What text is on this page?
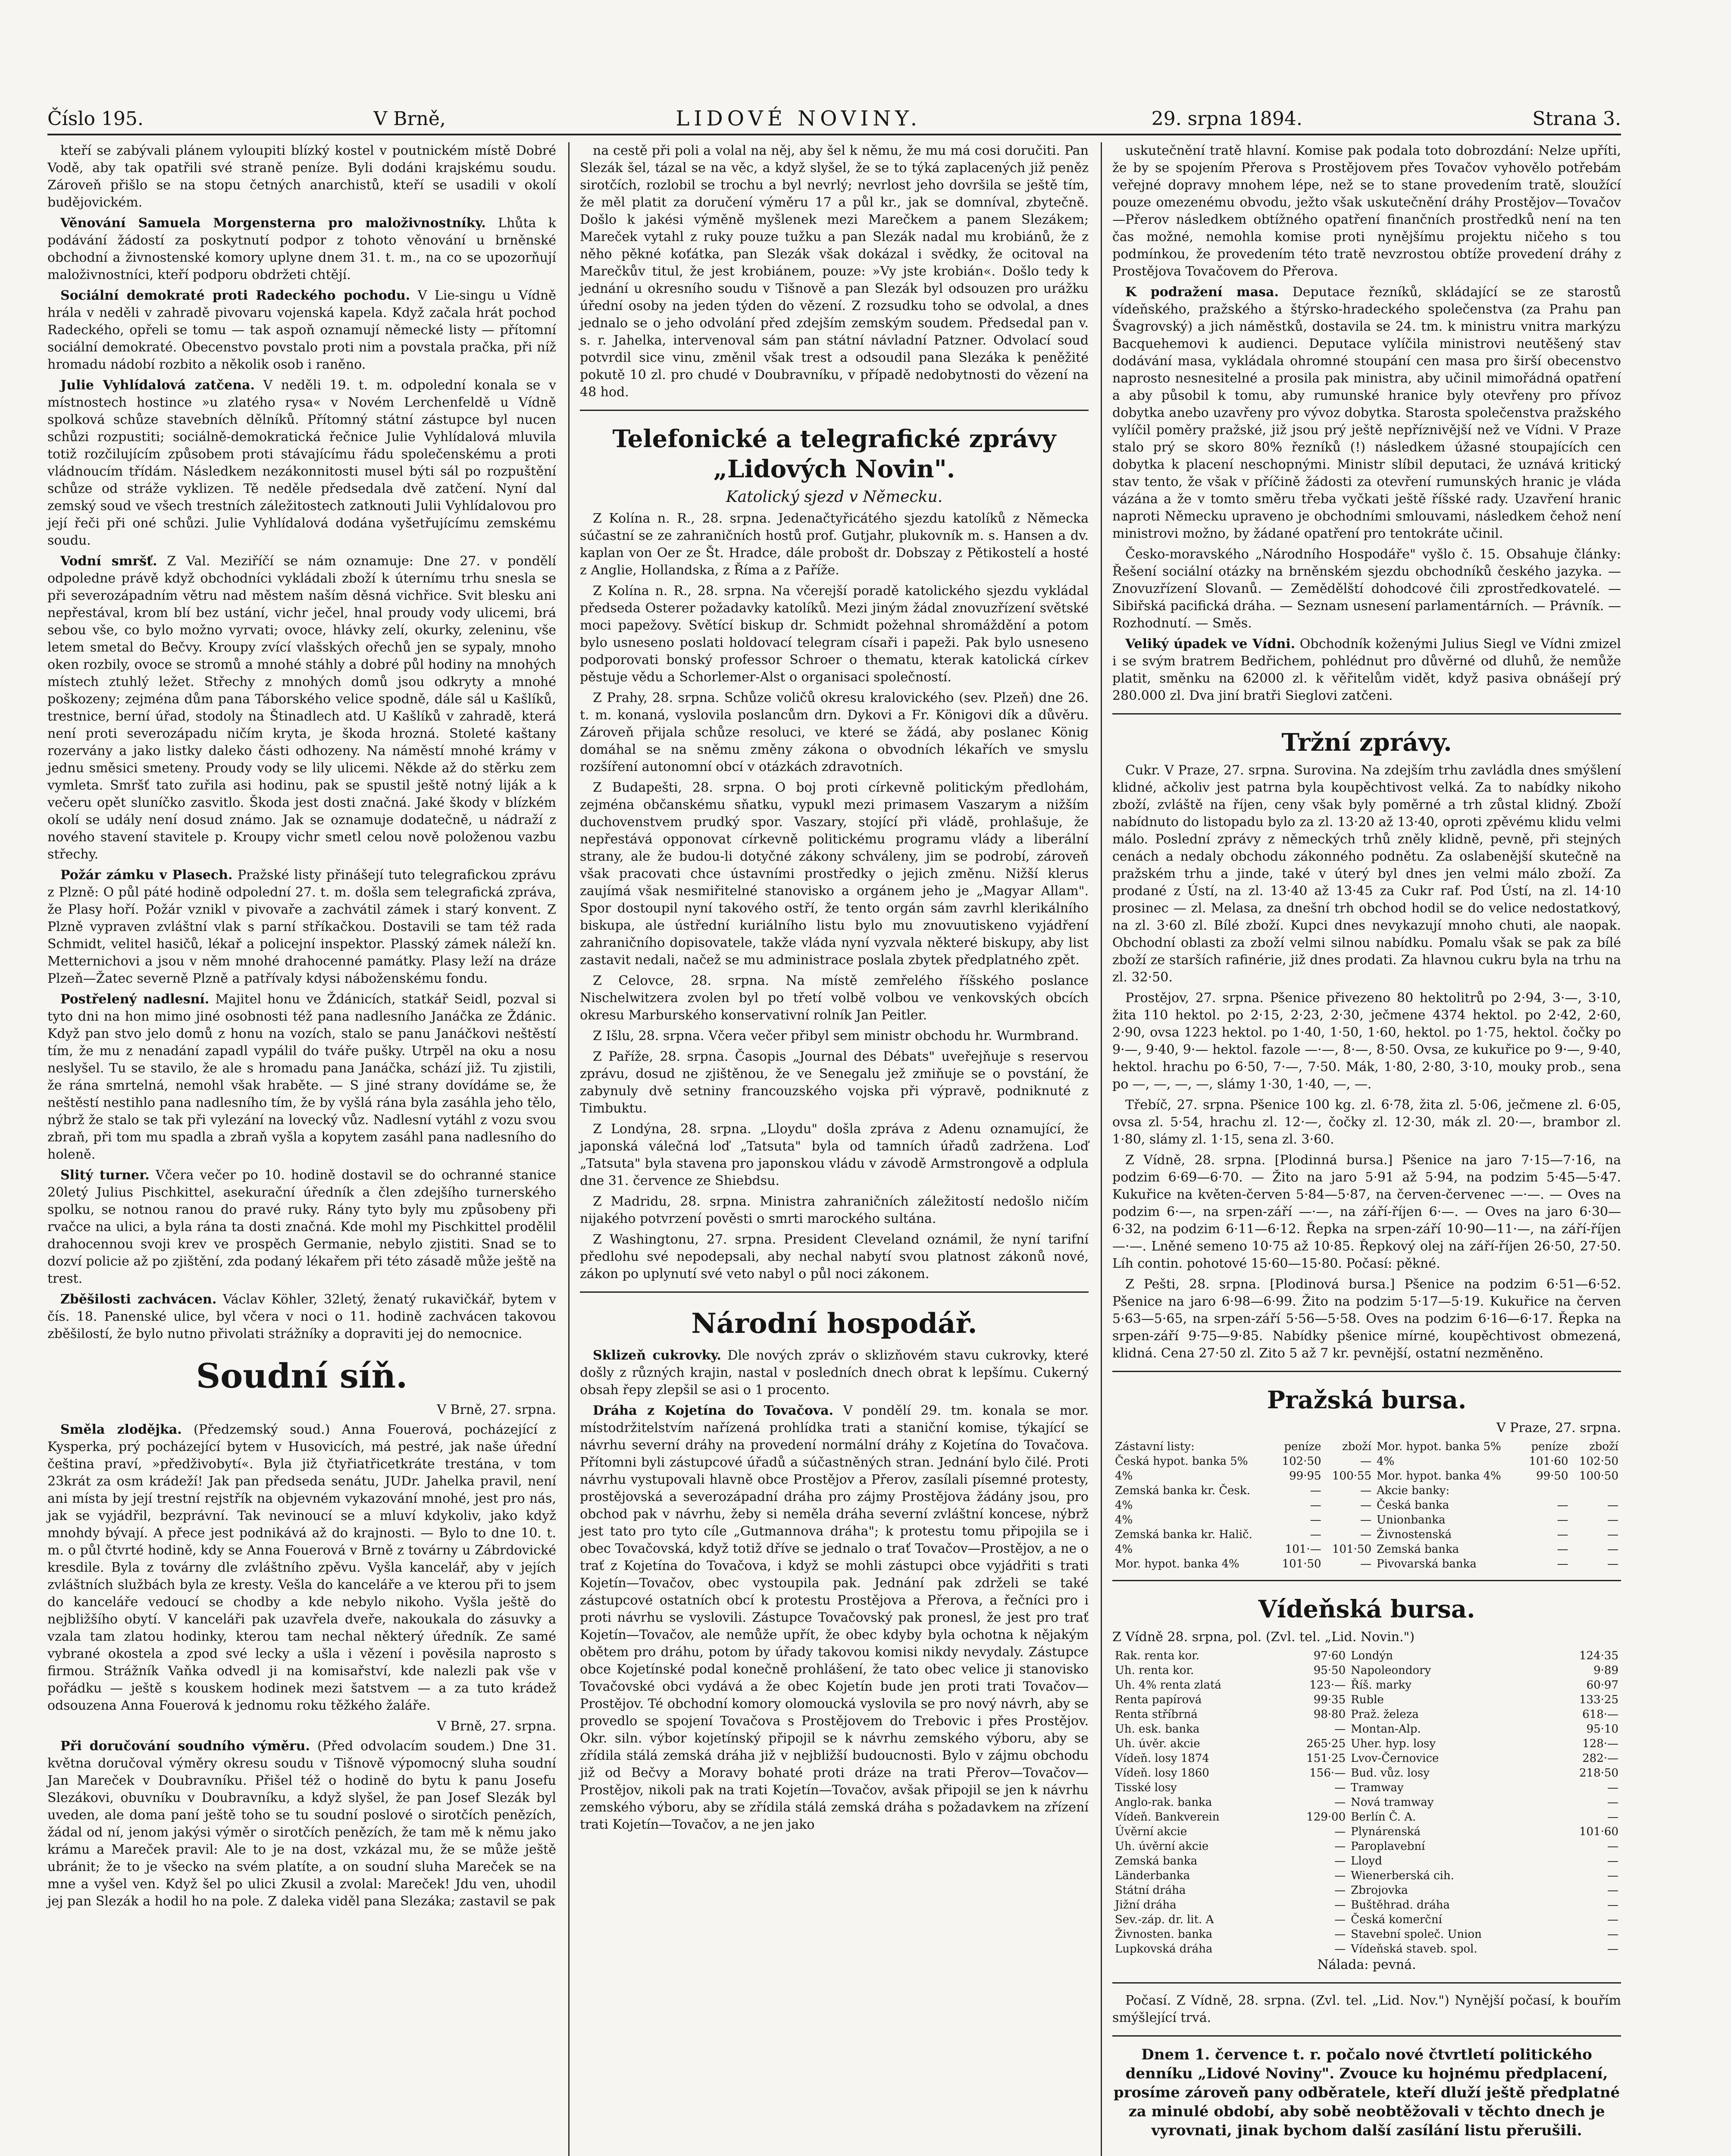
Číslo 195.	V Brně,	LIDOVÉ NOVINY.	29. srpna 1894.	Strana 3.

kteří se zabývali plánem vyloupiti blízký kostel v poutnickém místě Dobré Vodě, aby tak opatřili své straně peníze. Byli dodáni krajskému soudu. Zároveň přišlo se na stopu četných anarchistů, kteří se usadili v okolí budějovickém.

Věnování Samuela Morgensterna pro maloživnostníky. Lhůta k podávání žádostí za poskytnutí podpor z tohoto věnování u brněnské obchodní a živnostenské komory uplyne dnem 31. t. m., na co se upozorňují maloživnostníci, kteří podporu obdržeti chtějí.

Sociální demokraté proti Radeckého pochodu. V Lie-singu u Vídně hrála v neděli v zahradě pivovaru vojenská kapela. Když začala hrát pochod Radeckého, opřeli se tomu — tak aspoň oznamují německé listy — přítomní sociální demokraté. Obecenstvo povstalo proti nim a povstala pračka, při níž hromadu nádobí rozbito a několik osob i raněno.

Julie Vyhlídalová zatčena. V neděli 19. t. m. odpolední konala se v místnostech hostince »u zlatého rysa« v Novém Lerchenfeldě u Vídně spolková schůze stavebních dělníků. Přítomný státní zástupce byl nucen schůzi rozpustiti; sociálně-demokratická řečnice Julie Vyhlídalová mluvila totiž rozčilujícím způsobem proti stávajícímu řádu společenskému a proti vládnoucím třídám. Následkem nezákonnitosti musel býti sál po rozpuštění schůze od stráže vyklizen. Tě neděle předsedala dvě zatčení. Nyní dal zemský soud ve všech trestních záležitostech zatknouti Julii Vyhlídalovou pro její řeči při oné schůzi. Julie Vyhlídalová dodána vyšetřujícímu zemskému soudu.

Vodní smršť. Z Val. Meziříčí se nám oznamuje: Dne 27. v pondělí odpoledne právě když obchodníci vykládali zboží k úternímu trhu snesla se při severozápadním větru nad městem naším děsná vichřice. Svit blesku ani nepřestával, krom blí bez ustání, vichr ječel, hnal proudy vody ulicemi, brá sebou vše, co bylo možno vyrvati; ovoce, hlávky zelí, okurky, zeleninu, vše letem smetal do Bečvy. Kroupy zvící vlašských ořechů jen se sypaly, mnoho oken rozbily, ovoce se stromů a mnohé stáhly a dobré půl hodiny na mnohých místech ztuhlý ležet. Střechy z mnohých domů jsou odkryty a mnohé poškozeny; zejména dům pana Táborského velice spodně, dále sál u Kašlíků, trestnice, berní úřad, stodoly na Štinadlech atd. U Kašlíků v zahradě, která není proti severozápadu ničím kryta, je škoda hrozná. Stoleté kaštany rozervány a jako listky daleko části odhozeny. Na náměstí mnohé krámy v jednu směsici smeteny. Proudy vody se lily ulicemi. Někde až do stěrku zem vymleta. Smršť tato zuřila asi hodinu, pak se spustil ještě notný liják a k večeru opět sluníčko zasvitlo. Škoda jest dosti značná. Jaké škody v blízkém okolí se udály není dosud známo. Jak se oznamuje dodatečně, u nádraží z nového stavení stavitele p. Kroupy vichr smetl celou nově položenou vazbu střechy.

Požár zámku v Plasech. Pražské listy přinášejí tuto telegrafickou zprávu z Plzně: O půl páté hodině odpolední 27. t. m. došla sem telegrafická zpráva, že Plasy hoří. Požár vznikl v pivovaře a zachvátil zámek i starý konvent. Z Plzně vypraven zvláštní vlak s parní stříkačkou. Dostavili se tam též rada Schmidt, velitel hasičů, lékař a policejní inspektor. Plasský zámek náleží kn. Metternichovi a jsou v něm mnohé drahocenné památky. Plasy leží na dráze Plzeň—Žatec severně Plzně a patřívaly kdysi náboženskému fondu.

Postřelený nadlesní. Majitel honu ve Ždánicích, statkář Seidl, pozval si tyto dni na hon mimo jiné osobnosti též pana nadlesního Janáčka ze Ždánic. Když pan stvo jelo domů z honu na vozích, stalo se panu Janáčkovi neštěstí tím, že mu z nenadání zapadl vypálil do tváře pušky. Utrpěl na oku a nosu neslyšel. Tu se stavilo, že ale s hromadu pana Janáčka, schází již. Tu zjistili, že rána smrtelná, nemohl však hraběte. — S jiné strany dovídáme se, že neštěstí nestihlo pana nadlesního tím, že by vyšlá rána byla zasáhla jeho tělo, nýbrž že stalo se tak při vylezání na lovecký vůz. Nadlesní vytáhl z vozu svou zbraň, při tom mu spadla a zbraň vyšla a kopytem zasáhl pana nadlesního do holeně.

Slitý turner. Včera večer po 10. hodině dostavil se do ochranné stanice 20letý Julius Pischkittel, asekurační úředník a člen zdejšího turnerského spolku, se notnou ranou do pravé ruky. Rány tyto byly mu způsobeny při rvačce na ulici, a byla rána ta dosti značná. Kde mohl my Pischkittel prodělil drahocennou svoji krev ve prospěch Germanie, nebylo zjistiti. Snad se to dozví policie až po zjištění, zda podaný lékařem při této zásadě může ještě na trest.

Zběšilosti zachvácen. Václav Köhler, 32letý, ženatý rukavičkář, bytem v čís. 18. Panenské ulice, byl včera v noci o 11. hodině zachvácen takovou zběšilostí, že bylo nutno přivolati strážníky a dopraviti jej do nemocnice.

Soudní síň.
V Brně, 27. srpna.

Směla zlodějka. (Předzemský soud.) Anna Fouerová, pocházející z Kysperka, prý pocházející bytem v Husovicích, má pestré, jak naše úřední čeština praví, »předživobytí«. Byla již čtyřiatřicetkráte trestána, v tom 23krát za osm krádeží! Jak pan předseda senátu, JUDr. Jahelka pravil, není ani místa by její trestní rejstřík na objevném vykazování mnohé, jest pro nás, jak se vyjádřil, bezprávní. Tak nevinoucí se a mluví kdykoliv, jako když mnohdy bývají. A přece jest podnikává až do krajnosti. — Bylo to dne 10. t. m. o půl čtvrté hodině, kdy se Anna Fouerová v Brně z továrny u Zábrdovické kresdile. Byla z továrny dle zvláštního zpěvu. Vyšla kancelář, aby v jejích zvláštních službách byla ze kresty. Vešla do kanceláře a ve kterou při to jsem do kanceláře vedoucí se chodby a kde nebylo nikoho. Vyšla ještě do nejbližšího obytí. V kanceláři pak uzavřela dveře, nakoukala do zásuvky a vzala tam zlatou hodinky, kterou tam nechal některý úředník. Ze samé vybrané okostela a zpod své lecky a ušla i vězení i pověsila naprosto s firmou. Strážník Vaňka odvedl ji na komisařství, kde nalezli pak vše v pořádku — ještě s kouskem hodinek mezi šatstvem — a za tuto krádež odsouzena Anna Fouerová k jednomu roku těžkého žaláře.

V Brně, 27. srpna.

Při doručování soudního výměru. (Před odvolacím soudem.) Dne 31. května doručoval výměry okresu soudu v Tišnově výpomocný sluha soudní Jan Mareček v Doubravníku. Přišel též o hodině do bytu k panu Josefu Slezákovi, obuvníku v Doubravníku, a když slyšel, že pan Josef Slezák byl uveden, ale doma paní ještě toho se tu soudní poslové o sirotčích penězích, žádal od ní, jenom jakýsi výměr o sirotčích penězích, že tam mě k němu jako krámu a Mareček pravil: Ale to je na dost, vzkázal mu, že se může ještě ubránit; že to je všecko na svém platíte, a on soudní sluha Mareček se na mne a vyšel ven. Když šel po ulici Zkusil a zvolal: Mareček! Jdu ven, uhodil jej pan Slezák a hodil ho na pole. Z daleka viděl pana Slezáka; zastavil se pak

na cestě při poli a volal na něj, aby šel k němu, že mu má cosi doručiti. Pan Slezák šel, tázal se na věc, a když slyšel, že se to týká zaplacených již peněz sirotčích, rozlobil se trochu a byl nevrlý; nevrlost jeho dovršila se ještě tím, že měl platit za doručení výměru 17 a půl kr., jak se domníval, zbytečně. Došlo k jakési výměně myšlenek mezi Marečkem a panem Slezákem; Mareček vytahl z ruky pouze tužku a pan Slezák nadal mu krobiánů, že z něho pěkné koťátka, pan Slezák však dokázal i svědky, že ocitoval na Marečkův titul, že jest krobiánem, pouze: »Vy jste krobián«. Došlo tedy k jednání u okresního soudu v Tišnově a pan Slezák byl odsouzen pro urážku úřední osoby na jeden týden do vězení. Z rozsudku toho se odvolal, a dnes jednalo se o jeho odvolání před zdejším zemským soudem. Předsedal pan v. s. r. Jahelka, intervenoval sám pan státní návladní Patzner. Odvolací soud potvrdil sice vinu, změnil však trest a odsoudil pana Slezáka k peněžité pokutě 10 zl. pro chudé v Doubravníku, v případě nedobytnosti do vězení na 48 hod.

Telefonické a telegrafické zprávy „Lidových Novin".
Katolický sjezd v Německu.

Z Kolína n. R., 28. srpna. Jedenačtyřicátého sjezdu katolíků z Německa súčastní se ze zahraničních hostů prof. Gutjahr, plukovník m. s. Hansen a dv. kaplan von Oer ze Št. Hradce, dále probošt dr. Dobszay z Pětikostelí a hosté z Anglie, Hollandska, z Říma a z Paříže.

Z Kolína n. R., 28. srpna. Na včerejší poradě katolického sjezdu vykládal předseda Osterer požadavky katolíků. Mezi jiným žádal znovuzřízení světské moci papežovy. Světící biskup dr. Schmidt požehnal shromáždění a potom bylo usneseno poslati holdovací telegram císaři i papeži. Pak bylo usneseno podporovati bonský professor Schroer o thematu, kterak katolická církev pěstuje vědu a Schorlemer-Alst o organisaci společností.

Z Prahy, 28. srpna. Schůze voličů okresu kralovického (sev. Plzeň) dne 26. t. m. konaná, vyslovila poslancům drn. Dykovi a Fr. Königovi dík a důvěru. Zároveň přijala schůze resoluci, ve které se žádá, aby poslanec König domáhal se na sněmu změny zákona o obvodních lékařích ve smyslu rozšíření autonomní obcí v otázkách zdravotních.

Z Budapešti, 28. srpna. O boj proti církevně politickým předlohám, zejména občanskému sňatku, vypukl mezi primasem Vaszarym a nižším duchovenstvem prudký spor. Vaszary, stojící při vládě, prohlašuje, že nepřestává opponovat církevně politickému programu vlády a liberální strany, ale že budou-li dotyčné zákony schváleny, jim se podrobí, zároveň však pracovati chce ústavními prostředky o jejich změnu. Nižší klerus zaujímá však nesmiřitelné stanovisko a orgánem jeho je „Magyar Allam". Spor dostoupil nyní takového ostří, že tento orgán sám zavrhl klerikálního biskupa, ale ústřední kuriálního listu bylo mu znovuutiskeno vyjádření zahraničního dopisovatele, takže vláda nyní vyzvala některé biskupy, aby list zastavit nedali, načež se mu administrace poslala zbytek předplatného zpět.

Z Celovce, 28. srpna. Na místě zemřelého říšského poslance Nischelwitzera zvolen byl po třetí volbě volbou ve venkovských obcích okresu Marburského konservativní rolník Jan Peitler.

Z Išlu, 28. srpna. Včera večer přibyl sem ministr obchodu hr. Wurmbrand.

Z Paříže, 28. srpna. Časopis „Journal des Débats" uveřejňuje s reservou zprávu, dosud ne zjištěnou, že ve Senegalu jež zmiňuje se o povstání, že zabynuly dvě setniny francouzského vojska při výpravě, podniknuté z Timbuktu.

Z Londýna, 28. srpna. „Lloydu" došla zpráva z Adenu oznamující, že japonská válečná loď „Tatsuta" byla od tamních úřadů zadržena. Loď „Tatsuta" byla stavena pro japonskou vládu v závodě Armstrongově a odplula dne 31. července ze Shiebdsu.

Z Madridu, 28. srpna. Ministra zahraničních záležitostí nedošlo ničím nijakého potvrzení pověsti o smrti marockého sultána.

Z Washingtonu, 27. srpna. President Cleveland oznámil, že nyní tarifní předlohu své nepodepsali, aby nechal nabytí svou platnost zákonů nové, zákon po uplynutí své veto nabyl o půl noci zákonem.

Národní hospodář.

Sklizeň cukrovky. Dle nových zpráv o sklizňovém stavu cukrovky, které došly z různých krajin, nastal v posledních dnech obrat k lepšímu. Cukerný obsah řepy zlepšil se asi o 1 procento.

Dráha z Kojetína do Tovačova. V pondělí 29. tm. konala se mor. místodržitelstvím nařízená prohlídka trati a staniční komise, týkající se návrhu severní dráhy na provedení normální dráhy z Kojetína do Tovačova. Přítomni byli zástupcové úřadů a súčastněných stran. Jednání bylo čilé. Proti návrhu vystupovali hlavně obce Prostějov a Přerov, zasílali písemné protesty, prostějovská a severozápadní dráha pro zájmy Prostějova žádány jsou, pro obchod pak v návrhu, žeby si neměla dráha severní zvláštní koncese, nýbrž jest tato pro tyto cíle „Gutmannova dráha"; k protestu tomu připojila se i obec Tovačovská, když totiž dříve se jednalo o trať Tovačov—Prostějov, a ne o trať z Kojetína do Tovačova, i když se mohli zástupci obce vyjádřiti s trati Kojetín—Tovačov, obec vystoupila pak. Jednání pak zdrželi se také zástupcové ostatních obcí k protestu Prostějova a Přerova, a řečníci pro i proti návrhu se vyslovili. Zástupce Tovačovský pak pronesl, že jest pro trať Kojetín—Tovačov, ale nemůže upřít, že obec kdyby byla ochotna k nějakým obětem pro dráhu, potom by úřady takovou komisi nikdy nevydaly. Zástupce obce Kojetínské podal konečně prohlášení, že tato obec velice ji stanovisko Tovačovské obci vydává a že obec Kojetín bude jen proti trati Tovačov—Prostějov. Té obchodní komory olomoucká vyslovila se pro nový návrh, aby se provedlo se spojení Tovačova s Prostějovem do Trebovic i přes Prostějov. Okr. siln. výbor kojetínský připojil se k návrhu zemského výboru, aby se zřídila stálá zemská dráha již v nejbližší budoucnosti. Bylo v zájmu obchodu již od Bečvy a Moravy bohaté proti dráze na trati Přerov—Tovačov—Prostějov, nikoli pak na trati Kojetín—Tovačov, avšak připojil se jen k návrhu zemského výboru, aby se zřídila stálá zemská dráha s požadavkem na zřízení trati Kojetín—Tovačov, a ne jen jako

uskutečnění tratě hlavní. Komise pak podala toto dobrozdání: Nelze upříti, že by se spojením Přerova s Prostějovem přes Tovačov vyhovělo potřebám veřejné dopravy mnohem lépe, než se to stane provedením tratě, sloužící pouze omezenému obvodu, ježto však uskutečnění dráhy Prostějov—Tovačov—Přerov následkem obtížného opatření finančních prostředků není na ten čas možné, nemohla komise proti nynějšímu projektu ničeho s tou podmínkou, že provedením této tratě nevzrostou obtíže provedení dráhy z Prostějova Tovačovem do Přerova.

K podražení masa. Deputace řezníků, skládající se ze starostů vídeňského, pražského a štýrsko-hradeckého společenstva (za Prahu pan Švagrovský) a jich náměstků, dostavila se 24. tm. k ministru vnitra markýzu Bacquehemovi k audienci. Deputace vylíčila ministrovi neutěšený stav dodávání masa, vykládala ohromné stoupání cen masa pro širší obecenstvo naprosto nesnesitelné a prosila pak ministra, aby učinil mimořádná opatření a aby působil k tomu, aby rumunské hranice byly otevřeny pro přívoz dobytka anebo uzavřeny pro vývoz dobytka. Starosta společenstva pražského vylíčil poměry pražské, již jsou prý ještě nepříznivější než ve Vídni. V Praze stalo prý se skoro 80% řezníků (!) následkem úžasné stoupajících cen dobytka k placení neschopnými. Ministr slíbil deputaci, že uznává kritický stav tento, že však v příčině žádosti za otevření rumunských hranic je vláda vázána a že v tomto směru třeba vyčkati ještě říšské rady. Uzavření hranic naproti Německu upraveno je obchodními smlouvami, následkem čehož není ministrovi možno, by žádané opatření pro tentokráte učinil.

Česko-moravského „Národního Hospodáře" vyšlo č. 15. Obsahuje články: Řešení sociální otázky na brněnském sjezdu obchodníků českého jazyka. — Znovuzřízení Slovanů. — Zemědělští dohodcové čili zprostředkovatelé. — Sibiřská pacifická dráha. — Seznam usnesení parlamentárních. — Právník. — Rozhodnutí. — Směs.

Veliký úpadek ve Vídni. Obchodník koženými Julius Siegl ve Vídni zmizel i se svým bratrem Bedřichem, pohlédnut pro důvěrné od dluhů, že nemůže platit, směnku na 62000 zl. k věřitelům vidět, když pasiva obnášejí prý 280.000 zl. Dva jiní bratři Sieglovi zatčeni.

Tržní zprávy.

Cukr. V Praze, 27. srpna. Surovina. Na zdejším trhu zavládla dnes smýšlení klidné, ačkoliv jest patrna byla koupěchtivost velká. Za to nabídky nikoho zboží, zvláště na říjen, ceny však byly poměrné a trh zůstal klidný. Zboží nabídnuto do listopadu bylo za zl. 13·20 až 13·40, oproti zpěvému klidu velmi málo. Poslední zprávy z německých trhů zněly klidně, pevně, při stejných cenách a nedaly obchodu zákonného podnětu. Za oslabenější skutečně na pražském trhu a jinde, také v úterý byl dnes jen velmi málo zboží. Za prodané z Ústí, na zl. 13·40 až 13·45 za Cukr raf. Pod Ústí, na zl. 14·10 prosinec — zl. Melasa, za dnešní trh obchod hodil se do velice nedostatkový, na zl. 3·60 zl. Bílé zboží. Kupci dnes nevykazují mnoho chuti, ale naopak. Obchodní oblasti za zboží velmi silnou nabídku. Pomalu však se pak za bílé zboží ze starších rafinérie, již dnes prodati. Za hlavnou cukru byla na trhu na zl. 32·50.

Prostějov, 27. srpna. Pšenice přivezeno 80 hektolitrů po 2·94, 3·—, 3·10, žita 110 hektol. po 2·15, 2·23, 2·30, ječmene 4374 hektol. po 2·42, 2·60, 2·90, ovsa 1223 hektol. po 1·40, 1·50, 1·60, hektol. po 1·75, hektol. čočky po 9·—, 9·40, 9·— hektol. fazole —·—, 8·—, 8·50. Ovsa, ze kukuřice po 9·—, 9·40, hektol. hrachu po 6·50, 7·—, 7·50. Mák, 1·80, 2·80, 3·10, mouky prob., sena po —, —, —, —, slámy 1·30, 1·40, —, —.

Třebíč, 27. srpna. Pšenice 100 kg. zl. 6·78, žita zl. 5·06, ječmene zl. 6·05, ovsa zl. 5·54, hrachu zl. 12·—, čočky zl. 12·30, mák zl. 20·—, brambor zl. 1·80, slámy zl. 1·15, sena zl. 3·60.

Z Vídně, 28. srpna. [Plodinná bursa.] Pšenice na jaro 7·15—7·16, na podzim 6·69—6·70. — Žito na jaro 5·91 až 5·94, na podzim 5·45—5·47. Kukuřice na květen-červen 5·84—5·87, na červen-červenec —·—. — Oves na podzim 6·—, na srpen-září —·—, na září-říjen 6·—. — Oves na jaro 6·30—6·32, na podzim 6·11—6·12. Řepka na srpen-září 10·90—11·—, na září-říjen —·—. Lněné semeno 10·75 až 10·85. Řepkový olej na září-říjen 26·50, 27·50. Líh contin. pohotové 15·60—15·80. Počasí: pěkné.

Z Pešti, 28. srpna. [Plodinová bursa.] Pšenice na podzim 6·51—6·52. Pšenice na jaro 6·98—6·99. Žito na podzim 5·17—5·19. Kukuřice na červen 5·63—5·65, na srpen-září 5·56—5·58. Oves na podzim 6·16—6·17. Řepka na srpen-září 9·75—9·85. Nabídky pšenice mírné, koupěchtivost obmezená, klidná. Cena 27·50 zl. Zito 5 až 7 kr. pevnější, ostatní nezměněno.

Pražská bursa.
V Praze, 27. srpna.
Zástavní listy:	peníze	zboží	Mor. hypot. banka 5%	peníze	zboží
Česká hypot. banka 5%	102·50	—	4%	101·60	102·50
4%	99·95	100·55	Mor. hypot. banka 4%	99·50	100·50
Zemská banka kr. Česk.	—	—	Akcie banky:		
4%	—	—	Česká banka	—	—
4%	—	—	Unionbanka	—	—
Zemská banka kr. Halič.	—	—	Živnostenská	—	—
4%	101·—	101·50	Zemská banka	—	—
Mor. hypot. banka 4%	101·50	—	Pivovarská banka	—	—
Vídeňská bursa.
Z Vídně 28. srpna, pol. (Zvl. tel. „Lid. Novin.")
Rak. renta kor.	97·60	Londýn	124·35
Uh. renta kor.	95·50	Napoleondory	9·89
Uh. 4% renta zlatá	123·—	Říš. marky	60·97
Renta papírová	99·35	Ruble	133·25
Renta stříbrná	98·80	Praž. železa	618·—
Uh. esk. banka	—	Montan-Alp.	95·10
Uh. úvěr. akcie	265·25	Uher. hyp. losy	128·—
Vídeň. losy 1874	151·25	Lvov-Černovice	282·—
Vídeň. losy 1860	156·—	Bud. vůz. losy	218·50
Tisské losy	—	Tramway	—
Anglo-rak. banka	—	Nová tramway	—
Vídeň. Bankverein	129·00	Berlín Č. A.	—
Úvěrní akcie	—	Plynárenská	101·60
Uh. úvěrní akcie	—	Paroplavební	—
Zemská banka	—	Lloyd	—
Länderbanka	—	Wienerberská cih.	—
Státní dráha	—	Zbrojovka	—
Jižní dráha	—	Buštěhrad. dráha	—
Sev.-záp. dr. lit. A	—	Česká komerční	—
Živnosten. banka	—	Stavební společ. Union	—
Lupkovská dráha	—	Vídeňská staveb. spol.	—
Nálada: pevná.

Počasí. Z Vídně, 28. srpna. (Zvl. tel. „Lid. Nov.") Nynější počasí, k bouřím smýšlející trvá.

Dnem 1. července t. r. počalo nové čtvrtletí politického denníku „Lidové Noviny". Zvouce ku hojnému předplacení, prosíme zároveň pany odběratele, kteří dluží ještě předplatné za minulé období, aby sobě neobtěžovali v těchto dnech je vyrovnati, jinak bychom další zasílání listu přerušili.
